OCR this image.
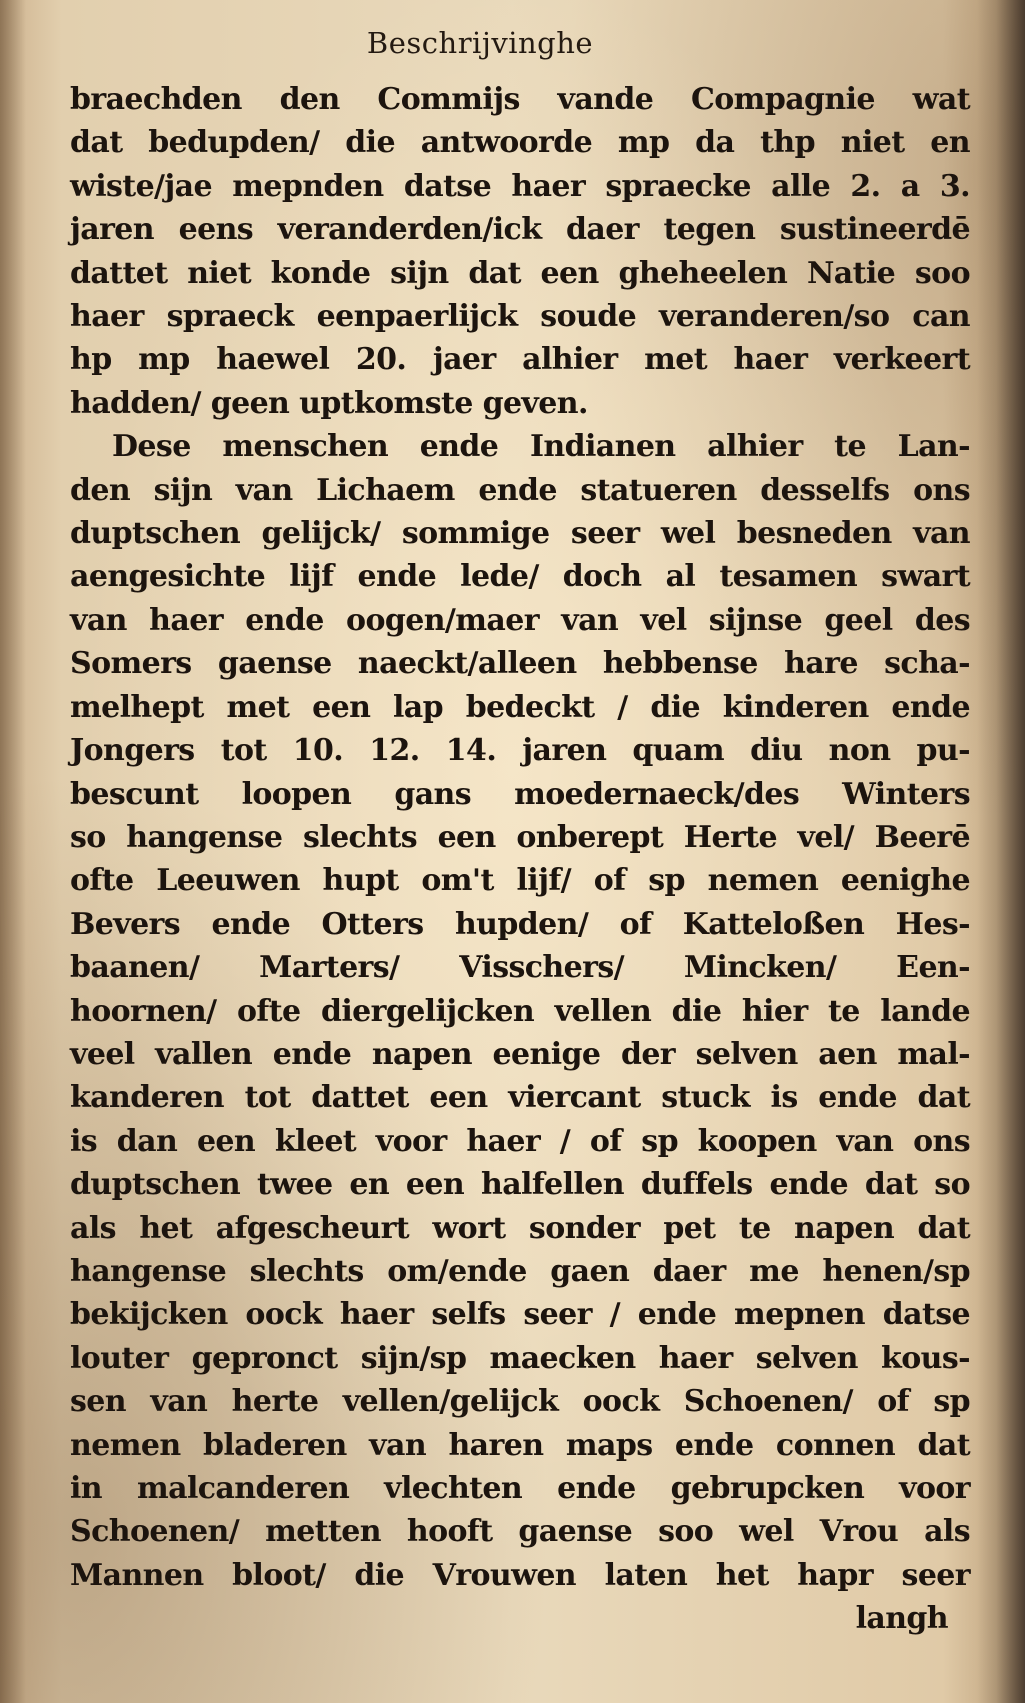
Beschrijvinghe
braechden den Commijs vande Compagnie wat
dat bedupden/ die antwoorde mp da thp niet en
wiste/jae mepnden datse haer spraecke alle 2. a 3.
jaren eens veranderden/ick daer tegen sustineerdē
dattet niet konde sijn dat een gheheelen Natie soo
haer spraeck eenpaerlijck soude veranderen/so can
hp mp haewel 20. jaer alhier met haer verkeert
hadden/ geen uptkomste geven.
Dese menschen ende Indianen alhier te Lan-
den sijn van Lichaem ende statueren desselfs ons
duptschen gelijck/ sommige seer wel besneden van
aengesichte lijf ende lede/ doch al tesamen swart
van haer ende oogen/maer van vel sijnse geel des
Somers gaense naeckt/alleen hebbense hare scha-
melhept met een lap bedeckt / die kinderen ende
Jongers tot 10. 12. 14. jaren quam diu non pu-
bescunt loopen gans moedernaeck/des Winters
so hangense slechts een onberept Herte vel/ Beerē
ofte Leeuwen hupt om't lijf/ of sp nemen eenighe
Bevers ende Otters hupden/ of Katteloßen Hes-
baanen/ Marters/ Visschers/ Mincken/ Een-
hoornen/ ofte diergelijcken vellen die hier te lande
veel vallen ende napen eenige der selven aen mal-
kanderen tot dattet een viercant stuck is ende dat
is dan een kleet voor haer / of sp koopen van ons
duptschen twee en een halfellen duffels ende dat so
als het afgescheurt wort sonder pet te napen dat
hangense slechts om/ende gaen daer me henen/sp
bekijcken oock haer selfs seer / ende mepnen datse
louter gepronct sijn/sp maecken haer selven kous-
sen van herte vellen/gelijck oock Schoenen/ of sp
nemen bladeren van haren maps ende connen dat
in malcanderen vlechten ende gebrupcken voor
Schoenen/ metten hooft gaense soo wel Vrou als
Mannen bloot/ die Vrouwen laten het hapr seer
langh
